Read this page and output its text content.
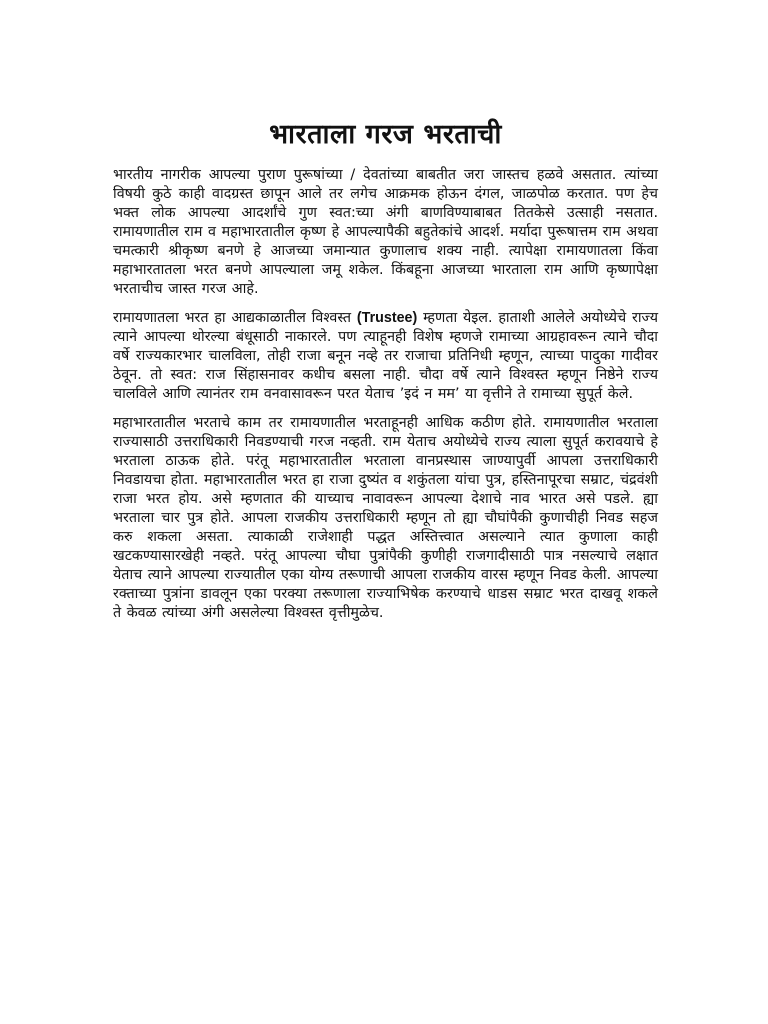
भारताला गरज भरताची

भारतीय नागरीक आपल्या पुराण पुरूषांच्या / देवतांच्या बाबतीत जरा जास्तच हळवे असतात. त्यांच्या विषयी कुठे काही वादग्रस्त छापून आले तर लगेच आक्रमक होऊन दंगल, जाळपोळ करतात. पण हेच भक्त लोक आपल्या आदर्शांचे गुण स्वत:च्या अंगी बाणविण्याबाबत तितकेसे उत्साही नसतात. रामायणातील राम व महाभारतातील कृष्ण हे आपल्यापैकी बहुतेकांचे आदर्श. मर्यादा पुरूषात्तम राम अथवा चमत्कारी श्रीकृष्ण बनणे हे आजच्या जमान्यात कुणालाच शक्य नाही. त्यापेक्षा रामायणातला किंवा महाभारतातला भरत बनणे आपल्याला जमू शकेल. किंबहूना आजच्या भारताला राम आणि कृष्णापेक्षा भरताचीच जास्त गरज आहे.

रामायणातला भरत हा आद्यकाळातील विश्वस्त (Trustee) म्हणता येइल. हाताशी आलेले अयोध्येचे राज्य त्याने आपल्या थोरल्या बंधूसाठी नाकारले. पण त्याहूनही विशेष म्हणजे रामाच्या आग्रहावरून त्याने चौदा वर्षे राज्यकारभार चालविला, तोही राजा बनून नव्हे तर राजाचा प्रतिनिधी म्हणून, त्याच्या पादुका गादीवर ठेवून. तो स्वत: राज सिंहासनावर कधीच बसला नाही. चौदा वर्षे त्याने विश्वस्त म्हणून निष्ठेने राज्य चालविले आणि त्यानंतर राम वनवासावरून परत येताच ’इदं न मम’ या वृत्तीने ते रामाच्या सुपूर्त केले.

महाभारतातील भरताचे काम तर रामायणातील भरताहूनही आधिक कठीण होते. रामायणातील भरताला राज्यासाठी उत्तराधिकारी निवडण्याची गरज नव्हती. राम येताच अयोध्येचे राज्य त्याला सुपूर्त करावयाचे हे भरताला ठाऊक होते. परंतू महाभारतातील भरताला वानप्रस्थास जाण्यापुर्वी आपला उत्तराधिकारी निवडायचा होता. महाभारतातील भरत हा राजा दुष्यंत व शकुंतला यांचा पुत्र, हस्तिनापूरचा सम्राट, चंद्रवंशी राजा भरत होय. असे म्हणतात की याच्याच नावावरून आपल्या देशाचे नाव भारत असे पडले. ह्या भरताला चार पुत्र होते. आपला राजकीय उत्तराधिकारी म्हणून तो ह्या चौघांपैकी कुणाचीही निवड सहज करु शकला असता. त्याकाळी राजेशाही पद्धत अस्तित्त्वात असल्याने त्यात कुणाला काही खटकण्यासारखेही नव्हते. परंतू आपल्या चौघा पुत्रांपैकी कुणीही राजगादीसाठी पात्र नसल्याचे लक्षात येताच त्याने आपल्या राज्यातील एका योग्य तरूणाची आपला राजकीय वारस म्हणून निवड केली. आपल्या रक्ताच्या पुत्रांना डावलून एका परक्या तरूणाला राज्याभिषेक करण्याचे धाडस सम्राट भरत दाखवू शकले ते केवळ त्यांच्या अंगी असलेल्या विश्वस्त वृत्तीमुळेच.
